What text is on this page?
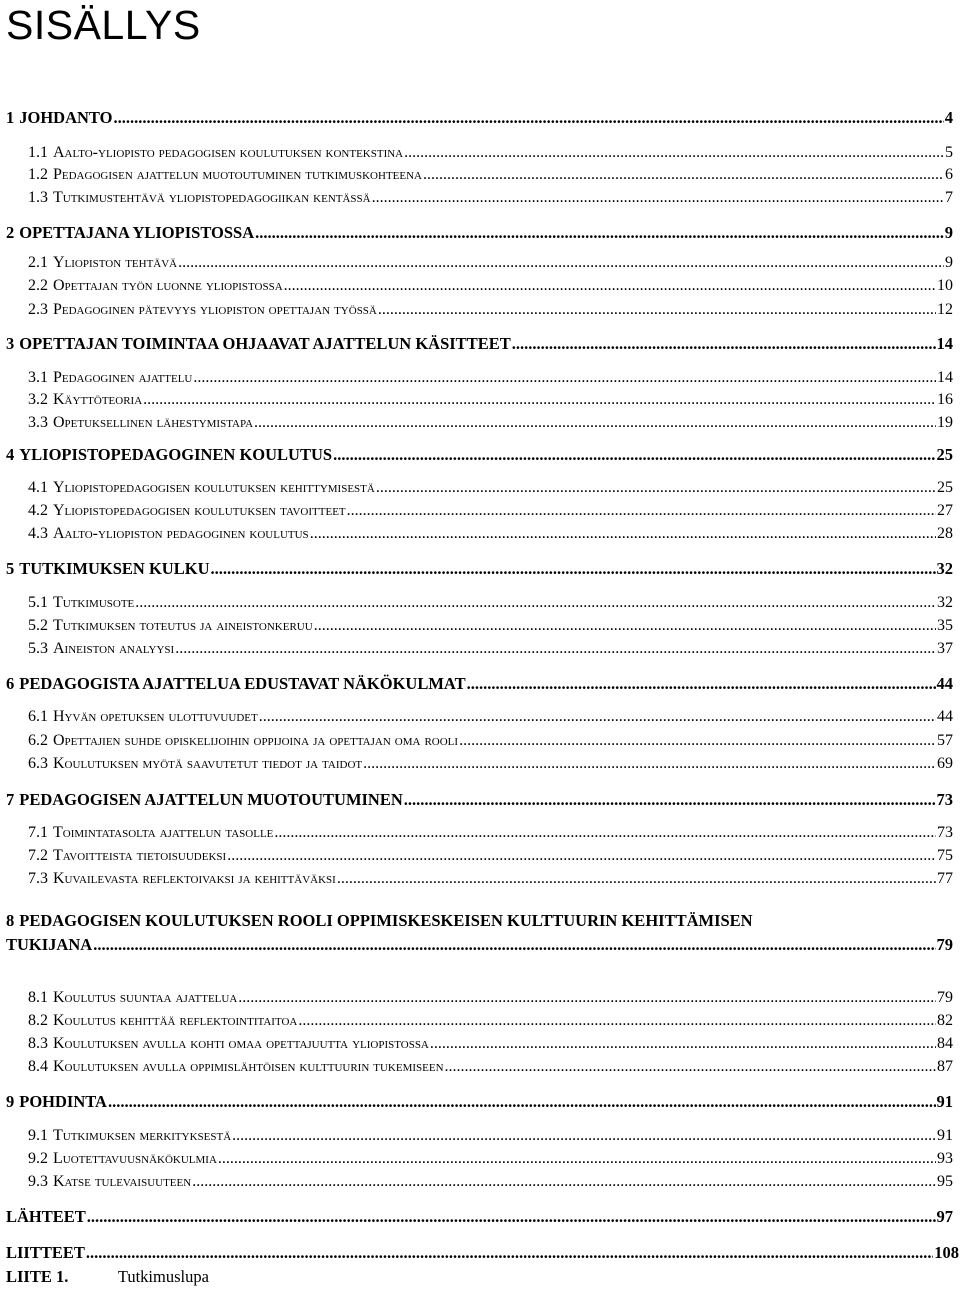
SISÄLLYS
1 JOHDANTO .....	4
1.1 Aalto-yliopisto pedagogisen koulutuksen kontekstina .....	5
1.2 Pedagogisen ajattelun muotoutuminen tutkimuskohteena .....	6
1.3 Tutkimustehtävä yliopistopedagogiikan kentässä .....	7
2 OPETTAJANA YLIOPISTOSSA .....	9
2.1 Yliopiston tehtävä .....	9
2.2 Opettajan työn luonne yliopistossa .....	10
2.3 Pedagoginen pätevyys yliopiston opettajan työssä .....	12
3 OPETTAJAN TOIMINTAA OHJAAVAT AJATTELUN KÄSITTEET .....	14
3.1 Pedagoginen ajattelu .....	14
3.2 Käyttöteoria .....	16
3.3 Opetuksellinen lähestymistapa .....	19
4 YLIOPISTOPEDAGOGINEN KOULUTUS .....	25
4.1 Yliopistopedagogisen koulutuksen kehittymisestä .....	25
4.2 Yliopistopedagogisen koulutuksen tavoitteet .....	27
4.3 Aalto-yliopiston pedagoginen koulutus .....	28
5 TUTKIMUKSEN KULKU .....	32
5.1 Tutkimusote .....	32
5.2 Tutkimuksen toteutus ja aineistonkeruu .....	35
5.3 Aineiston analyysi .....	37
6 PEDAGOGISTA AJATTELUA EDUSTAVAT NÄKÖKULMAT .....	44
6.1 Hyvän opetuksen ulottuvuudet .....	44
6.2 Opettajien suhde opiskelijoihin oppijoina ja opettajan oma rooli .....	57
6.3 Koulutuksen myötä saavutetut tiedot ja taidot .....	69
7 PEDAGOGISEN AJATTELUN MUOTOUTUMINEN .....	73
7.1 Toimintatasolta ajattelun tasolle .....	73
7.2 Tavoitteista tietoisuudeksi .....	75
7.3 Kuvailevasta reflektoivaksi ja kehittäväksi .....	77
8 PEDAGOGISEN KOULUTUKSEN ROOLI OPPIMISKESKEISEN KULTTUURIN KEHITTÄMISEN
TUKIJANA .....	79
8.1 Koulutus suuntaa ajattelua .....	79
8.2 Koulutus kehittää reflektointitaitoa .....	82
8.3 Koulutuksen avulla kohti omaa opettajuutta yliopistossa .....	84
8.4 Koulutuksen avulla oppimislähtöisen kulttuurin tukemiseen .....	87
9 POHDINTA .....	91
9.1 Tutkimuksen merkityksestä .....	91
9.2 Luotettavuusnäkökulmia .....	93
9.3 Katse tulevaisuuteen .....	95
LÄHTEET .....	97
LIITTEET .....	108
LIITE 1.	Tutkimuslupa
